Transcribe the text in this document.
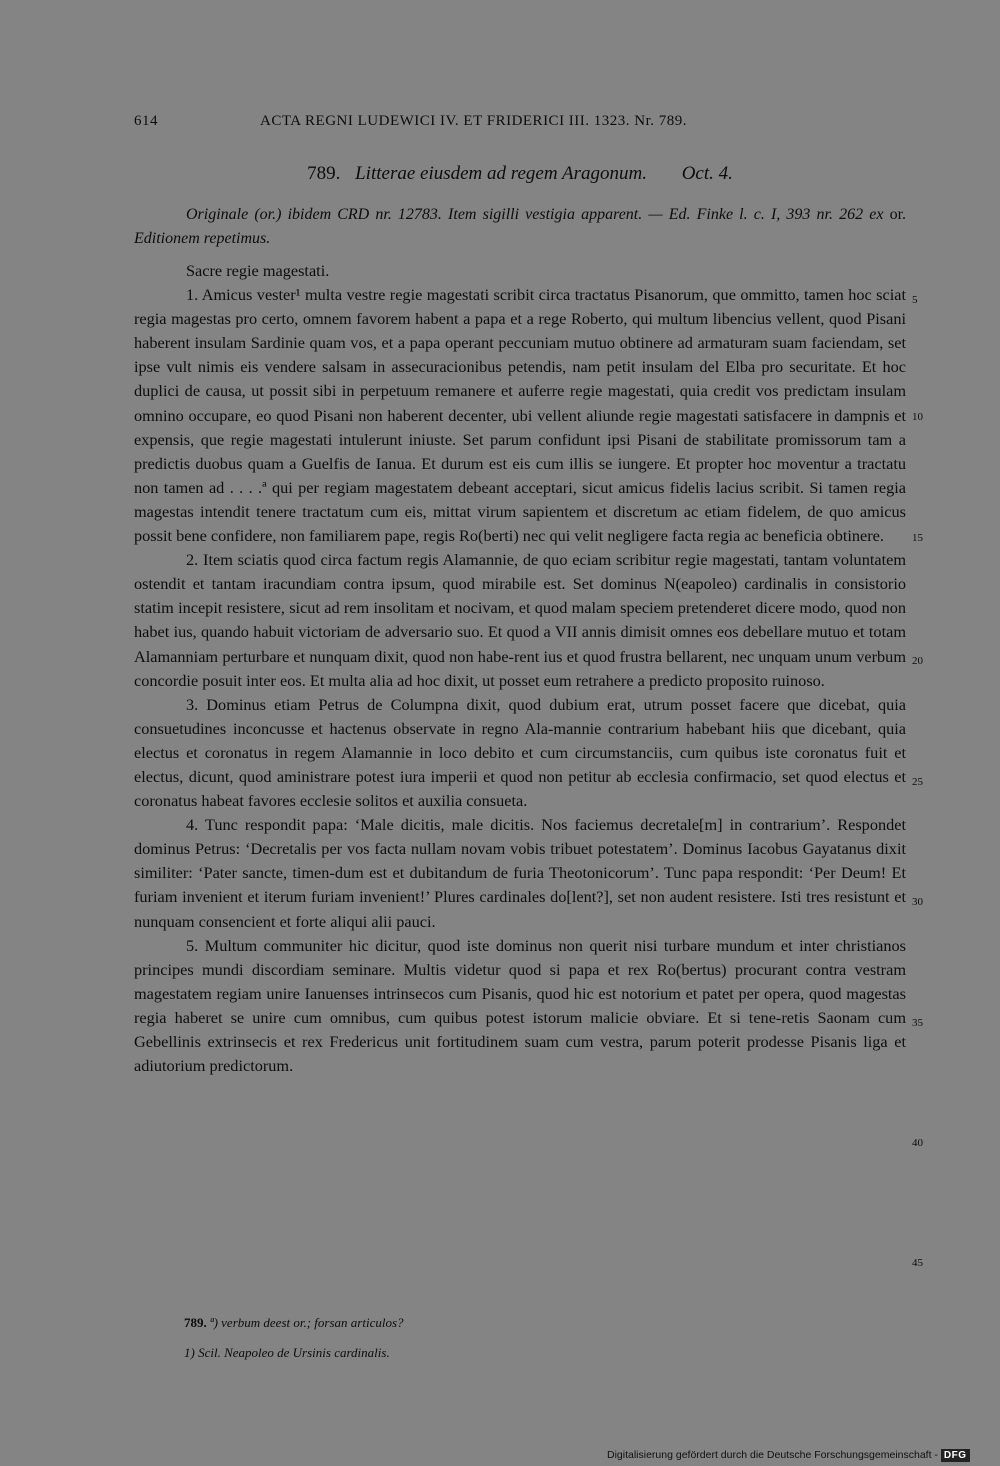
614	ACTA REGNI LUDEWICI IV. ET FRIDERICI III. 1323. Nr. 789.
789. Litterae eiusdem ad regem Aragonum. Oct. 4.
Originale (or.) ibidem CRD nr. 12783. Item sigilli vestigia apparent. — Ed. Finke l. c. I, 393 nr. 262 ex or. Editionem repetimus.

Sacre regie magestati.

1. Amicus vester¹ multa vestre regie magestati scribit circa tractatus Pisanorum, que ommitto, tamen hoc sciat regia magestas pro certo, omnem favorem habent a papa et a rege Roberto, qui multum libencius vellent, quod Pisani haberent insulam Sardinie quam vos, et a papa operant peccuniam mutuo obtinere ad armaturam suam faciendam, set ipse vult nimis eis vendere salsam in assecuracionibus petendis, nam petit insulam del Elba pro securitate. Et hoc duplici de causa, ut possit sibi in perpetuum remanere et auferre regie magestati, quia credit vos predictam insulam omnino occupare, eo quod Pisani non haberent decenter, ubi vellent aliunde regie magestati satisfacere in dampnis et expensis, que regie magestati intulerunt iniuste. Set parum confidunt ipsi Pisani de stabilitate promissorum tam a predictis duobus quam a Guelfis de Ianua. Et durum est eis cum illis se iungere. Et propter hoc moventur a tractatu non tamen ad . . . .ª qui per regiam magestatem debeant acceptari, sicut amicus fidelis lacius scribit. Si tamen regia magestas intendit tenere tractatum cum eis, mittat virum sapientem et discretum ac etiam fidelem, de quo amicus possit bene confidere, non familiarem pape, regis Ro(berti) nec qui velit negligere facta regia ac beneficia obtinere.

2. Item sciatis quod circa factum regis Alamannie, de quo eciam scribitur regie magestati, tantam voluntatem ostendit et tantam iracundiam contra ipsum, quod mirabile est. Set dominus N(eapoleo) cardinalis in consistorio statim incepit resistere, sicut ad rem insolitam et nocivam, et quod malam speciem pretenderet dicere modo, quod non habet ius, quando habuit victoriam de adversario suo. Et quod a VII annis dimisit omnes eos debellare mutuo et totam Alamanniam perturbare et nunquam dixit, quod non habe-rent ius et quod frustra bellarent, nec unquam unum verbum concordie posuit inter eos. Et multa alia ad hoc dixit, ut posset eum retrahere a predicto proposito ruinoso.

3. Dominus etiam Petrus de Columpna dixit, quod dubium erat, utrum posset facere que dicebat, quia consuetudines inconcusse et hactenus observate in regno Ala-mannie contrarium habebant hiis que dicebant, quia electus et coronatus in regem Alamannie in loco debito et cum circumstanciis, cum quibus iste coronatus fuit et electus, dicunt, quod aministrare potest iura imperii et quod non petitur ab ecclesia confirmacio, set quod electus et coronatus habeat favores ecclesie solitos et auxilia consueta.

4. Tunc respondit papa: ‘Male dicitis, male dicitis. Nos faciemus decretale[m] in contrarium’. Respondet dominus Petrus: ‘Decretalis per vos facta nullam novam vobis tribuet potestatem’. Dominus Iacobus Gayatanus dixit similiter: ‘Pater sancte, timen-dum est et dubitandum de furia Theotonicorum’. Tunc papa respondit: ‘Per Deum! Et furiam invenient et iterum furiam invenient!’ Plures cardinales do[lent?], set non audent resistere. Isti tres resistunt et nunquam consencient et forte aliqui alii pauci.

5. Multum communiter hic dicitur, quod iste dominus non querit nisi turbare mundum et inter christianos principes mundi discordiam seminare. Multis videtur quod si papa et rex Ro(bertus) procurant contra vestram magestatem regiam unire Ianuenses intrinsecos cum Pisanis, quod hic est notorium et patet per opera, quod magestas regia haberet se unire cum omnibus, cum quibus potest istorum malicie obviare. Et si tene-retis Saonam cum Gebellinis extrinsecis et rex Fredericus unit fortitudinem suam cum vestra, parum poterit prodesse Pisanis liga et adiutorium predictorum.

5
10
15
20
25
30
35
40
45
789. ª) verbum deest or.; forsan articulos?
1) Scil. Neapoleo de Ursinis cardinalis.
Digitalisierung gefördert durch die Deutsche Forschungsgemeinschaft - DFG
